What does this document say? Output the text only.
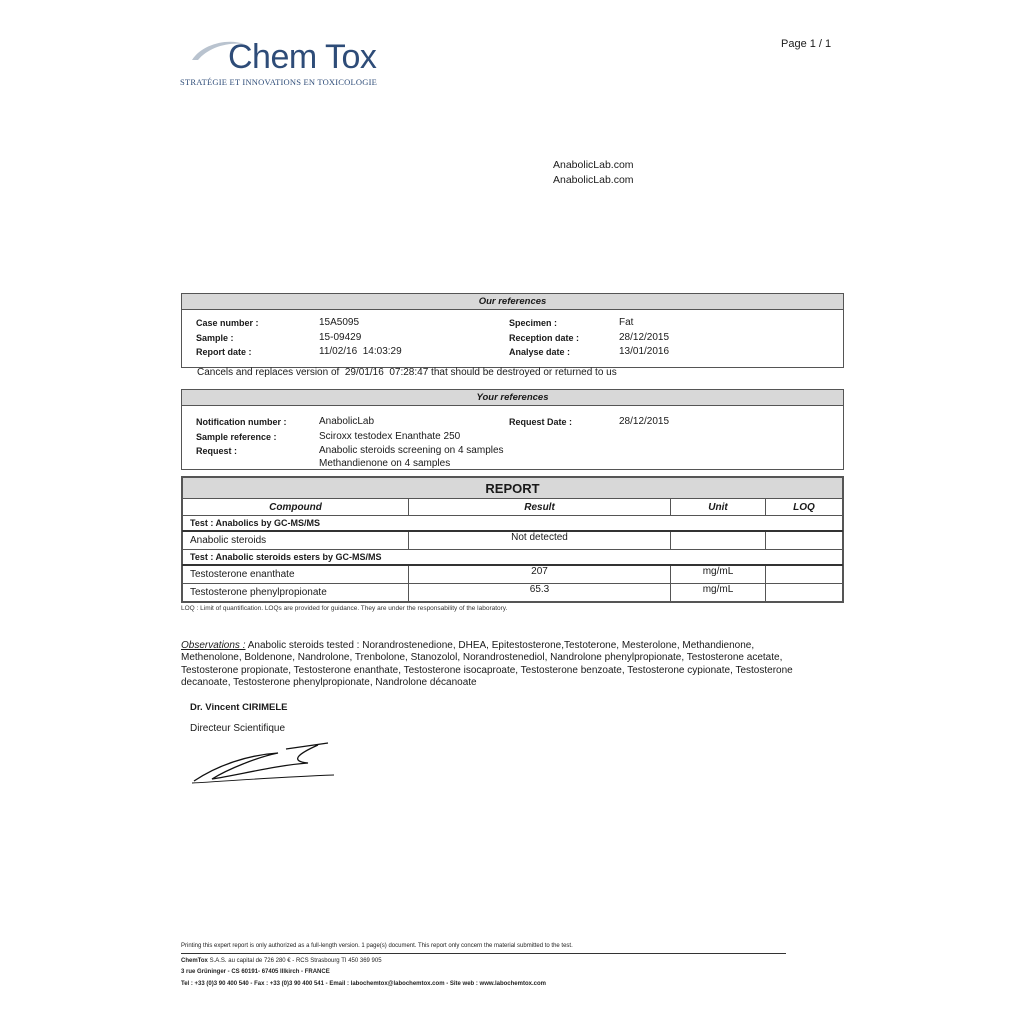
Chem Tox
STRATÉGIE ET INNOVATIONS EN TOXICOLOGIE
Page 1 / 1
AnabolicLab.com
AnabolicLab.com
Our references
Case number :	15A5095
Sample :	15-09429
Report date :	11/02/16  14:03:29
Specimen :	Fat
Reception date :	28/12/2015
Analyse date :	13/01/2016
Cancels and replaces version of  29/01/16  07:28:47 that should be destroyed or returned to us
Your references
Notification number :	AnabolicLab
Sample reference :	Sciroxx testodex Enanthate 250
Request :	Anabolic steroids screening on 4 samples
Methandienone on 4 samples
Request Date :	28/12/2015
REPORT			
Compound	Result	Unit	LOQ
Test : Anabolics by GC-MS/MS			
Anabolic steroids	Not detected		
Test : Anabolic steroids esters by GC-MS/MS			
Testosterone enanthate	207	mg/mL	
Testosterone phenylpropionate	65.3	mg/mL	
LOQ : Limit of quantification. LOQs are provided for guidance. They are under the responsability of the laboratory.
Observations : Anabolic steroids tested : Norandrostenedione, DHEA, Epitestosterone,Testoterone, Mesterolone, Methandienone, Methenolone, Boldenone, Nandrolone, Trenbolone, Stanozolol, Norandrostenediol, Nandrolone phenylpropionate, Testosterone acetate, Testosterone propionate, Testosterone enanthate, Testosterone isocaproate, Testosterone benzoate, Testosterone cypionate, Testosterone decanoate, Testosterone phenylpropionate, Nandrolone décanoate
Dr. Vincent CIRIMELE
Directeur Scientifique
Printing this expert report is only authorized as a full-length version. 1 page(s) document. This report only concern the material submitted to the test.
ChemTox S.A.S. au capital de 726 280 € - RCS Strasbourg TI 450 369 905
3 rue Grüninger - CS 60191- 67405 Illkirch - FRANCE
Tel : +33 (0)3 90 400 540 - Fax : +33 (0)3 90 400 541 - Email : labochemtox@labochemtox.com - Site web : www.labochemtox.com
